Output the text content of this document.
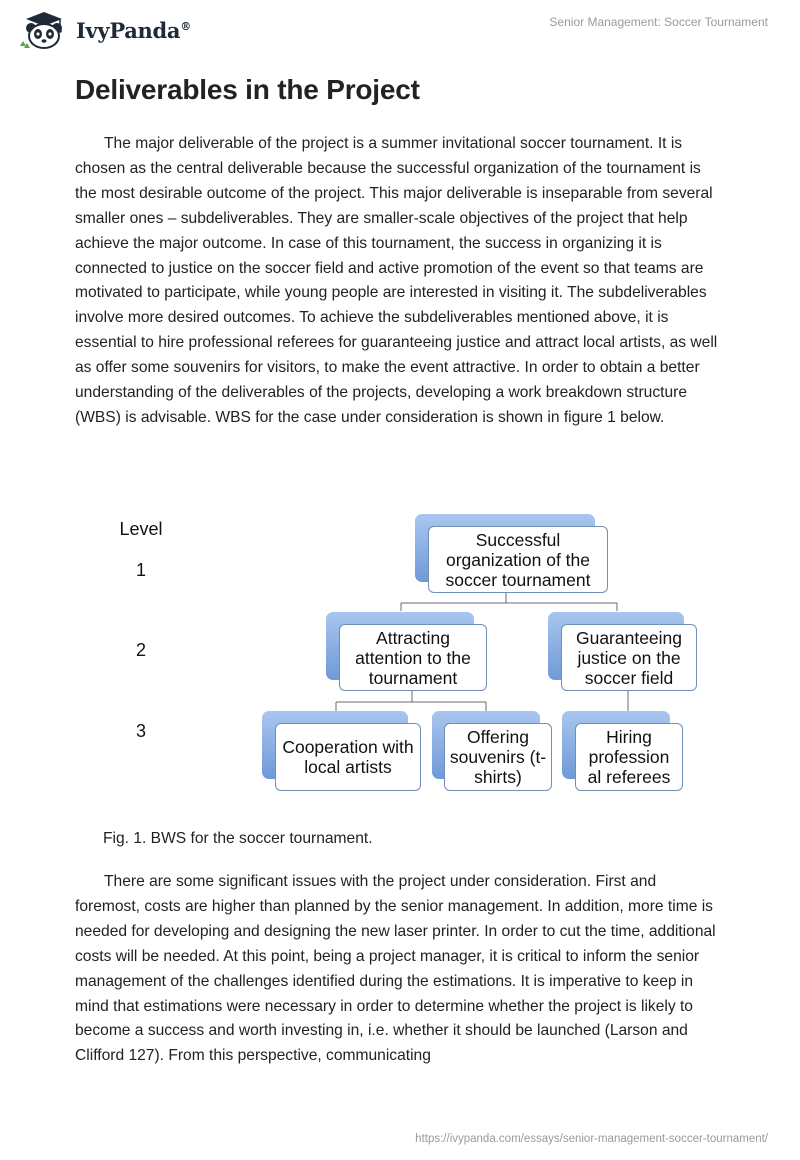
IvyPanda®	Senior Management: Soccer Tournament
Deliverables in the Project

The major deliverable of the project is a summer invitational soccer tournament. It is chosen as the central deliverable because the successful organization of the tournament is the most desirable outcome of the project. This major deliverable is inseparable from several smaller ones – subdeliverables. They are smaller-scale objectives of the project that help achieve the major outcome. In case of this tournament, the success in organizing it is connected to justice on the soccer field and active promotion of the event so that teams are motivated to participate, while young people are interested in visiting it. The subdeliverables involve more desired outcomes. To achieve the subdeliverables mentioned above, it is essential to hire professional referees for guaranteeing justice and attract local artists, as well as offer some souvenirs for visitors, to make the event attractive. In order to obtain a better understanding of the deliverables of the projects, developing a work breakdown structure (WBS) is advisable. WBS for the case under consideration is shown in figure 1 below.

Level
1
2
3
Successful organization of the soccer tournament
Attracting attention to the tournament
Guaranteeing justice on the soccer field
Cooperation with local artists
Offering souvenirs (t-shirts)
Hiring profession al referees

Fig. 1. BWS for the soccer tournament.

There are some significant issues with the project under consideration. First and foremost, costs are higher than planned by the senior management. In addition, more time is needed for developing and designing the new laser printer. In order to cut the time, additional costs will be needed. At this point, being a project manager, it is critical to inform the senior management of the challenges identified during the estimations. It is imperative to keep in mind that estimations were necessary in order to determine whether the project is likely to become a success and worth investing in, i.e. whether it should be launched (Larson and Clifford 127). From this perspective, communicating

https://ivypanda.com/essays/senior-management-soccer-tournament/
